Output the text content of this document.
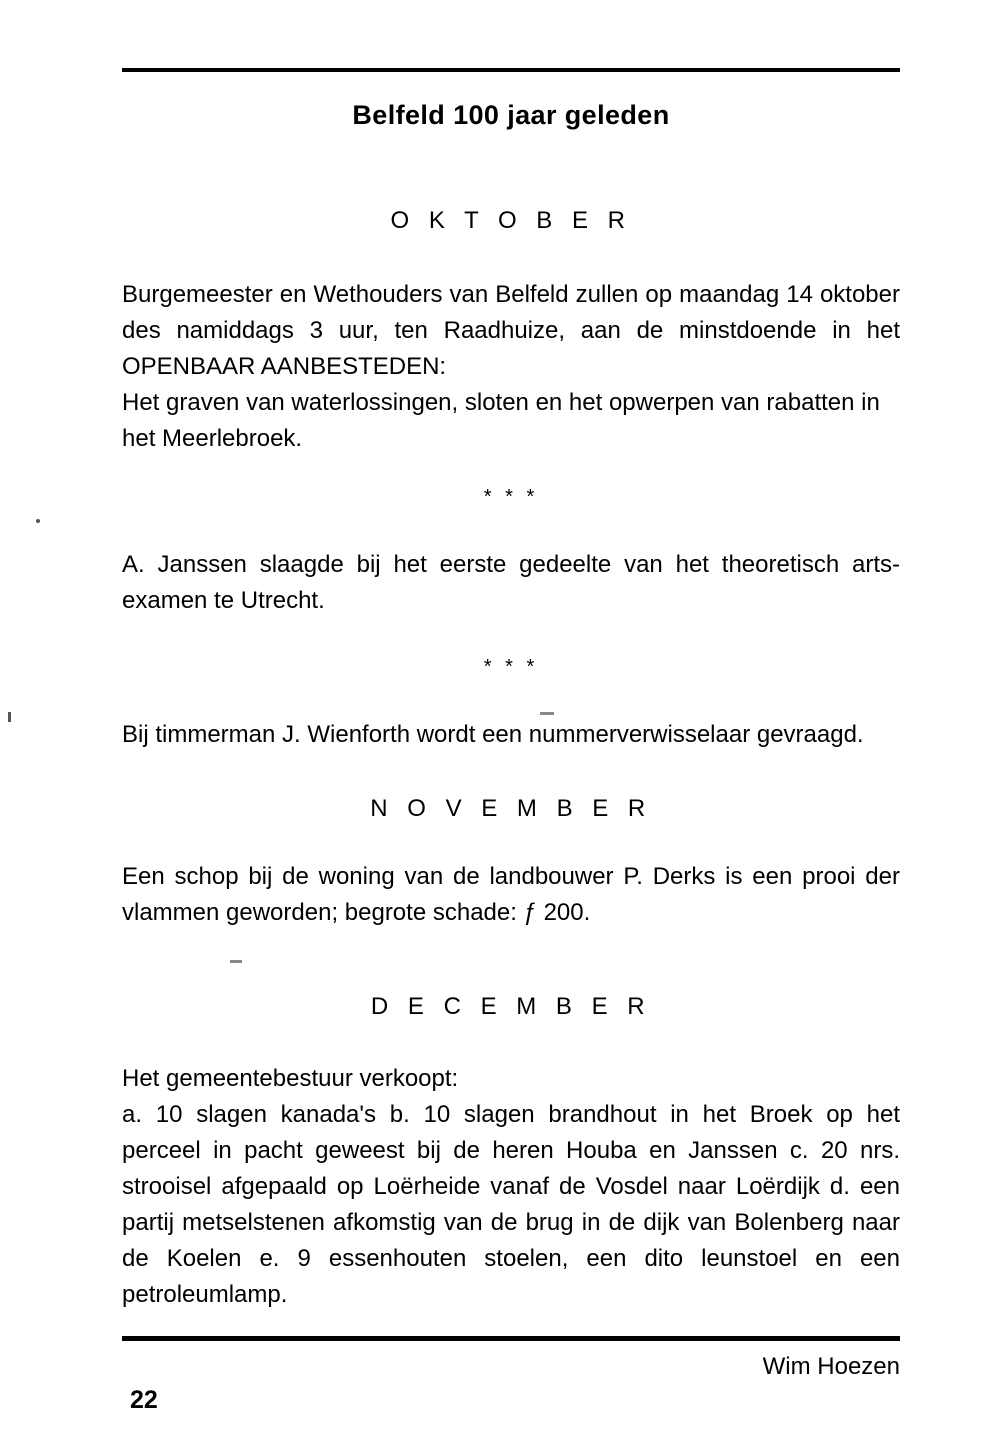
Belfeld 100 jaar geleden
O K T O B E R

Burgemeester en Wethouders van Belfeld zullen op maandag 14 oktober des namiddags 3 uur, ten Raadhuize, aan de minstdoende in het OPENBAAR AANBESTEDEN:

Het graven van waterlossingen, sloten en het opwerpen van rabatten in het Meerlebroek.

* * *

A. Janssen slaagde bij het eerste gedeelte van het theoretisch arts-examen te Utrecht.

* * *

Bij timmerman J. Wienforth wordt een nummerverwisselaar gevraagd.

N O V E M B E R

Een schop bij de woning van de landbouwer P. Derks is een prooi der vlammen geworden; begrote schade: ƒ 200.

D E C E M B E R

Het gemeentebestuur verkoopt:

a. 10 slagen kanada's b. 10 slagen brandhout in het Broek op het perceel in pacht geweest bij de heren Houba en Janssen c. 20 nrs. strooisel afgepaald op Loërheide vanaf de Vosdel naar Loërdijk d. een partij metselstenen afkomstig van de brug in de dijk van Bolenberg naar de Koelen e. 9 essenhouten stoelen, een dito leunstoel en een petroleumlamp.

Wim Hoezen
22
